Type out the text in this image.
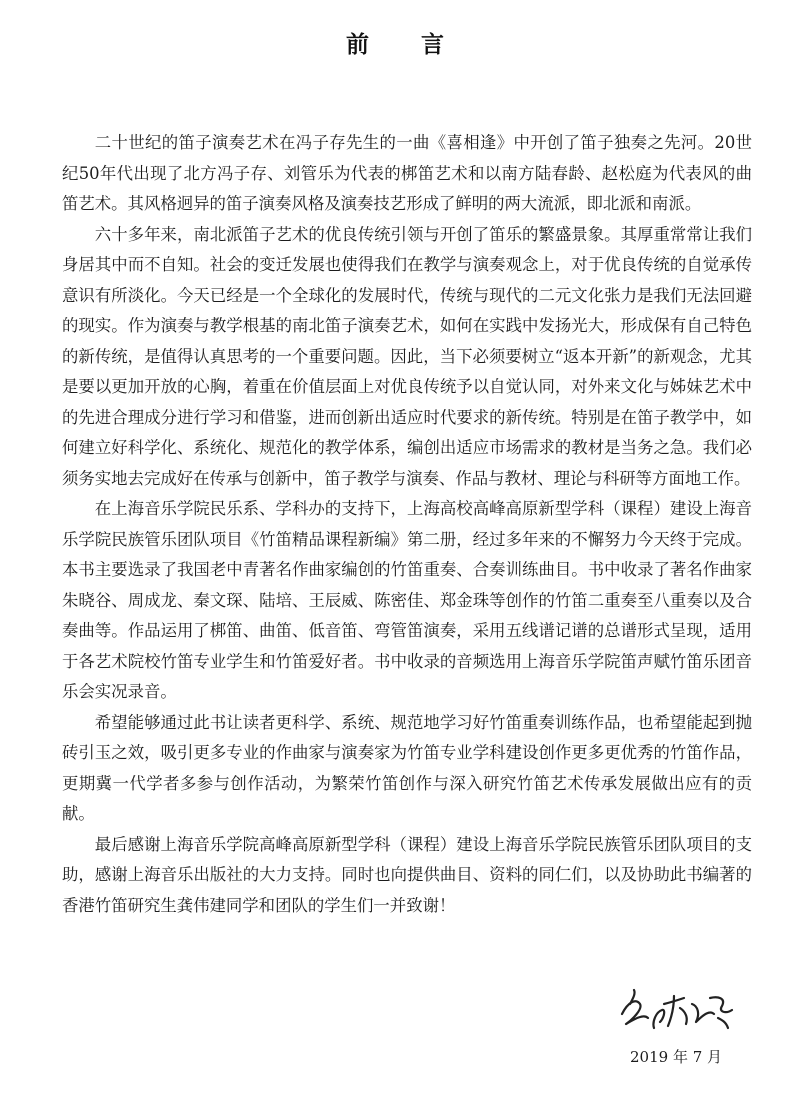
前 言

二十世纪的笛子演奏艺术在冯子存先生的一曲《喜相逢》中开创了笛子独奏之先河。20世纪50年代出现了北方冯子存、刘管乐为代表的梆笛艺术和以南方陆春龄、赵松庭为代表风的曲笛艺术。其风格迥异的笛子演奏风格及演奏技艺形成了鲜明的两大流派，即北派和南派。

六十多年来，南北派笛子艺术的优良传统引领与开创了笛乐的繁盛景象。其厚重常常让我们身居其中而不自知。社会的变迁发展也使得我们在教学与演奏观念上，对于优良传统的自觉承传意识有所淡化。今天已经是一个全球化的发展时代，传统与现代的二元文化张力是我们无法回避的现实。作为演奏与教学根基的南北笛子演奏艺术，如何在实践中发扬光大，形成保有自己特色的新传统，是值得认真思考的一个重要问题。因此，当下必须要树立“返本开新”的新观念，尤其是要以更加开放的心胸，着重在价值层面上对优良传统予以自觉认同，对外来文化与姊妹艺术中的先进合理成分进行学习和借鉴，进而创新出适应时代要求的新传统。特别是在笛子教学中，如何建立好科学化、系统化、规范化的教学体系，编创出适应市场需求的教材是当务之急。我们必须务实地去完成好在传承与创新中，笛子教学与演奏、作品与教材、理论与科研等方面地工作。

在上海音乐学院民乐系、学科办的支持下，上海高校高峰高原新型学科（课程）建设上海音乐学院民族管乐团队项目《竹笛精品课程新编》第二册，经过多年来的不懈努力今天终于完成。本书主要选录了我国老中青著名作曲家编创的竹笛重奏、合奏训练曲目。书中收录了著名作曲家朱晓谷、周成龙、秦文琛、陆培、王辰威、陈密佳、郑金珠等创作的竹笛二重奏至八重奏以及合奏曲等。作品运用了梆笛、曲笛、低音笛、弯管笛演奏，采用五线谱记谱的总谱形式呈现，适用于各艺术院校竹笛专业学生和竹笛爱好者。书中收录的音频选用上海音乐学院笛声赋竹笛乐团音乐会实况录音。

希望能够通过此书让读者更科学、系统、规范地学习好竹笛重奏训练作品，也希望能起到抛砖引玉之效，吸引更多专业的作曲家与演奏家为竹笛专业学科建设创作更多更优秀的竹笛作品，更期冀一代学者多参与创作活动，为繁荣竹笛创作与深入研究竹笛艺术传承发展做出应有的贡献。

最后感谢上海音乐学院高峰高原新型学科（课程）建设上海音乐学院民族管乐团队项目的支助，感谢上海音乐出版社的大力支持。同时也向提供曲目、资料的同仁们，以及协助此书编著的香港竹笛研究生龚伟建同学和团队的学生们一并致谢！

2019 年 7 月
